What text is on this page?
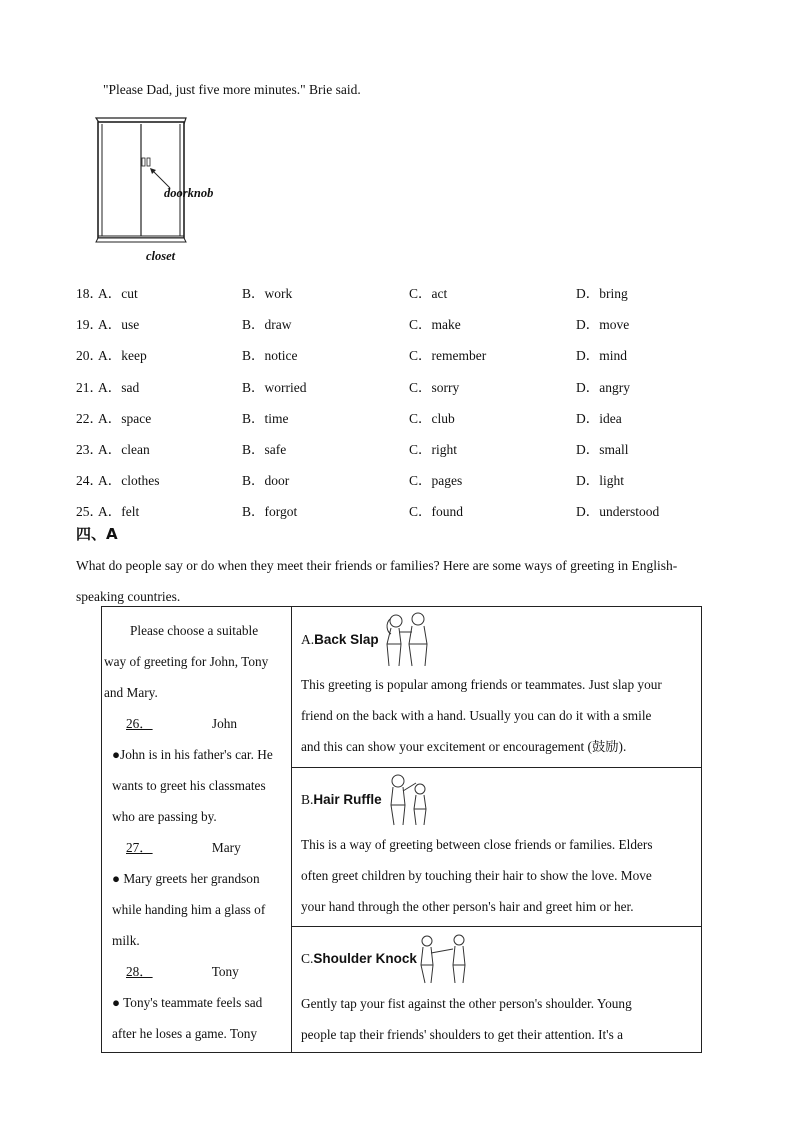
"Please Dad, just five more minutes." Brie said.
doorknob
closet
18．
A．cut	B．work	C．act	D．bring
19．
A．use	B．draw	C．make	D．move
20．
A．keep	B．notice	C．remember	D．mind
21．
A．sad	B．worried	C．sorry	D．angry
22．
A．space	B．time	C．club	D．idea
23．
A．clean	B．safe	C．right	D．small
24．
A．clothes	B．door	C．pages	D．light
25．
A．felt	B．forgot	C．found	D．understood
四、A
What do people say or do when they meet their friends or families? Here are some ways of greeting in English-
speaking countries.
Please choose a suitable
way of greeting for John, Tony
and Mary.
26．	John
●John is in his father's car. He
wants to greet his classmates
who are passing by.
27．	Mary
● Mary greets her grandson
while handing him a glass of
milk.
28．	Tony
● Tony's teammate feels sad
after he loses a game. Tony
A. Back Slap
This greeting is popular among friends or teammates. Just slap your
friend on the back with a hand. Usually you can do it with a smile
and this can show your excitement or encouragement (鼓励).
B. Hair Ruffle
This is a way of greeting between close friends or families. Elders
often greet children by touching their hair to show the love. Move
your hand through the other person's hair and greet him or her.
C. Shoulder Knock
Gently tap your fist against the other person's shoulder. Young
people tap their friends' shoulders to get their attention. It's a
